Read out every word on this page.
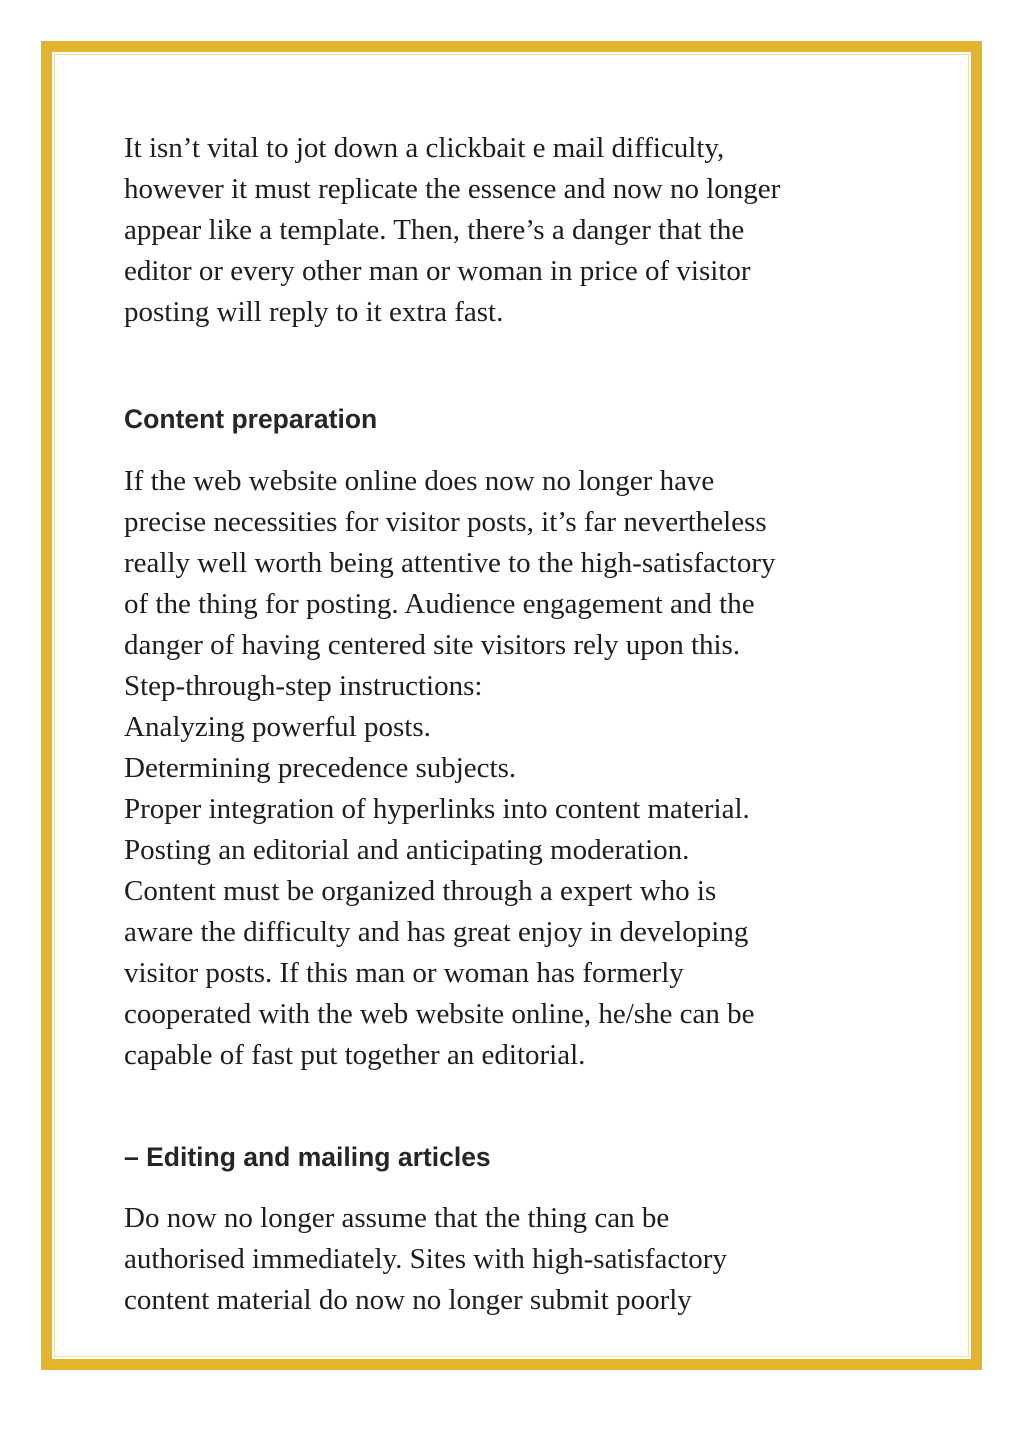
It isn’t vital to jot down a clickbait e mail difficulty,
however it must replicate the essence and now no longer
appear like a template. Then, there’s a danger that the
editor or every other man or woman in price of visitor
posting will reply to it extra fast.

Content preparation

If the web website online does now no longer have
precise necessities for visitor posts, it’s far nevertheless
really well worth being attentive to the high-satisfactory
of the thing for posting. Audience engagement and the
danger of having centered site visitors rely upon this.
Step-through-step instructions:
Analyzing powerful posts.
Determining precedence subjects.
Proper integration of hyperlinks into content material.
Posting an editorial and anticipating moderation.
Content must be organized through a expert who is
aware the difficulty and has great enjoy in developing
visitor posts. If this man or woman has formerly
cooperated with the web website online, he/she can be
capable of fast put together an editorial.

– Editing and mailing articles

Do now no longer assume that the thing can be
authorised immediately. Sites with high-satisfactory
content material do now no longer submit poorly
